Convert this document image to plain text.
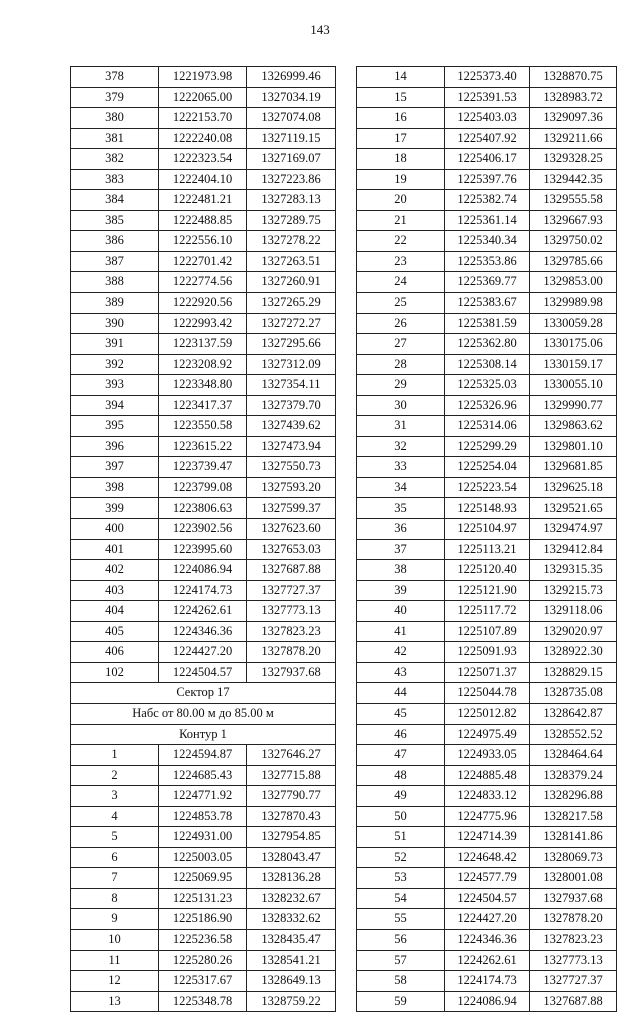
143
378	1221973.98	1326999.46
379	1222065.00	1327034.19
380	1222153.70	1327074.08
381	1222240.08	1327119.15
382	1222323.54	1327169.07
383	1222404.10	1327223.86
384	1222481.21	1327283.13
385	1222488.85	1327289.75
386	1222556.10	1327278.22
387	1222701.42	1327263.51
388	1222774.56	1327260.91
389	1222920.56	1327265.29
390	1222993.42	1327272.27
391	1223137.59	1327295.66
392	1223208.92	1327312.09
393	1223348.80	1327354.11
394	1223417.37	1327379.70
395	1223550.58	1327439.62
396	1223615.22	1327473.94
397	1223739.47	1327550.73
398	1223799.08	1327593.20
399	1223806.63	1327599.37
400	1223902.56	1327623.60
401	1223995.60	1327653.03
402	1224086.94	1327687.88
403	1224174.73	1327727.37
404	1224262.61	1327773.13
405	1224346.36	1327823.23
406	1224427.20	1327878.20
102	1224504.57	1327937.68
Сектор 17		
Набс от 80.00 м до 85.00 м		
Контур 1		
1	1224594.87	1327646.27
2	1224685.43	1327715.88
3	1224771.92	1327790.77
4	1224853.78	1327870.43
5	1224931.00	1327954.85
6	1225003.05	1328043.47
7	1225069.95	1328136.28
8	1225131.23	1328232.67
9	1225186.90	1328332.62
10	1225236.58	1328435.47
11	1225280.26	1328541.21
12	1225317.67	1328649.13
13	1225348.78	1328759.22
14	1225373.40	1328870.75
15	1225391.53	1328983.72
16	1225403.03	1329097.36
17	1225407.92	1329211.66
18	1225406.17	1329328.25
19	1225397.76	1329442.35
20	1225382.74	1329555.58
21	1225361.14	1329667.93
22	1225340.34	1329750.02
23	1225353.86	1329785.66
24	1225369.77	1329853.00
25	1225383.67	1329989.98
26	1225381.59	1330059.28
27	1225362.80	1330175.06
28	1225308.14	1330159.17
29	1225325.03	1330055.10
30	1225326.96	1329990.77
31	1225314.06	1329863.62
32	1225299.29	1329801.10
33	1225254.04	1329681.85
34	1225223.54	1329625.18
35	1225148.93	1329521.65
36	1225104.97	1329474.97
37	1225113.21	1329412.84
38	1225120.40	1329315.35
39	1225121.90	1329215.73
40	1225117.72	1329118.06
41	1225107.89	1329020.97
42	1225091.93	1328922.30
43	1225071.37	1328829.15
44	1225044.78	1328735.08
45	1225012.82	1328642.87
46	1224975.49	1328552.52
47	1224933.05	1328464.64
48	1224885.48	1328379.24
49	1224833.12	1328296.88
50	1224775.96	1328217.58
51	1224714.39	1328141.86
52	1224648.42	1328069.73
53	1224577.79	1328001.08
54	1224504.57	1327937.68
55	1224427.20	1327878.20
56	1224346.36	1327823.23
57	1224262.61	1327773.13
58	1224174.73	1327727.37
59	1224086.94	1327687.88
